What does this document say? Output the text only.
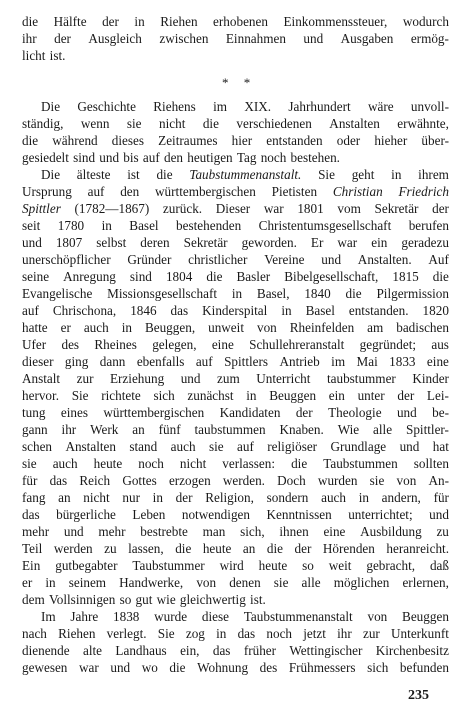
die Hälfte der in Riehen erhobenen Einkommenssteuer, wodurch
ihr der Ausgleich zwischen Einnahmen und Ausgaben ermög-
licht ist.
Die Geschichte Riehens im XIX. Jahrhundert wäre unvoll-
ständig, wenn sie nicht die verschiedenen Anstalten erwähnte,
die während dieses Zeitraumes hier entstanden oder hieher über-
gesiedelt sind und bis auf den heutigen Tag noch bestehen.
Die älteste ist die Taubstummenanstalt. Sie geht in ihrem
Ursprung auf den württembergischen Pietisten Christian Friedrich
Spittler (1782—1867) zurück. Dieser war 1801 vom Sekretär der
seit 1780 in Basel bestehenden Christentumsgesellschaft berufen
und 1807 selbst deren Sekretär geworden. Er war ein geradezu
unerschöpflicher Gründer christlicher Vereine und Anstalten. Auf
seine Anregung sind 1804 die Basler Bibelgesellschaft, 1815 die
Evangelische Missionsgesellschaft in Basel, 1840 die Pilgermission
auf Chrischona, 1846 das Kinderspital in Basel entstanden. 1820
hatte er auch in Beuggen, unweit von Rheinfelden am badischen
Ufer des Rheines gelegen, eine Schullehreranstalt gegründet; aus
dieser ging dann ebenfalls auf Spittlers Antrieb im Mai 1833 eine
Anstalt zur Erziehung und zum Unterricht taubstummer Kinder
hervor. Sie richtete sich zunächst in Beuggen ein unter der Lei-
tung eines württembergischen Kandidaten der Theologie und be-
gann ihr Werk an fünf taubstummen Knaben. Wie alle Spittler-
schen Anstalten stand auch sie auf religiöser Grundlage und hat
sie auch heute noch nicht verlassen: die Taubstummen sollten
für das Reich Gottes erzogen werden. Doch wurden sie von An-
fang an nicht nur in der Religion, sondern auch in andern, für
das bürgerliche Leben notwendigen Kenntnissen unterrichtet; und
mehr und mehr bestrebte man sich, ihnen eine Ausbildung zu
Teil werden zu lassen, die heute an die der Hörenden heranreicht.
Ein gutbegabter Taubstummer wird heute so weit gebracht, daß
er in seinem Handwerke, von denen sie alle möglichen erlernen,
dem Vollsinnigen so gut wie gleichwertig ist.
Im Jahre 1838 wurde diese Taubstummenanstalt von Beuggen
nach Riehen verlegt. Sie zog in das noch jetzt ihr zur Unterkunft
dienende alte Landhaus ein, das früher Wettingischer Kirchenbesitz
gewesen war und wo die Wohnung des Frühmessers sich befunden
* *
235
